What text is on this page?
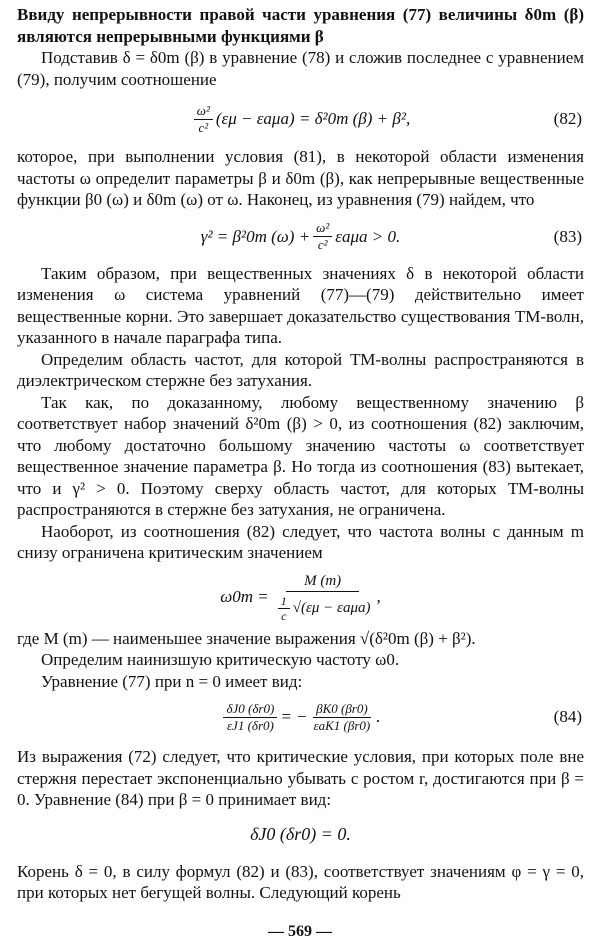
Ввиду непрерывности правой части уравнения (77) величины δ0m (β) являются непрерывными функциями β

Подставив δ = δ0m (β) в уравнение (78) и сложив последнее с уравнением (79), получим соотношение

$\frac{\text{ω²}}{\text{c²}} (\varepsilon\mu - \varepsilon a\mu a) = \delta^20m$ (β) + β²,	(82)

которое, при выполнении условия (81), в некоторой области изменения частоты ω определит параметры β и δ0m (β), как непрерывные вещественные функции β0 (ω) и δ0m (ω) от ω. Наконец, из уравнения (79) найдем, что

γ² = β²0m $(\omega) + \frac{\text{ω²}}{\text{c²}}$ εaμa > 0.	(83)

Таким образом, при вещественных значениях δ в некоторой области изменения ω система уравнений (77)—(79) действительно имеет вещественные корни. Это завершает доказательство существования ТМ-волн, указанного в начале параграфа типа.

Определим область частот, для которой ТМ-волны распространяются в диэлектрическом стержне без затухания.

Так как, по доказанному, любому вещественному значению β соответствует набор значений δ²0m (β) > 0, из соотношения (82) заключим, что любому достаточно большому значению частоты ω соответствует вещественное значение параметра β. Но тогда из соотношения (83) вытекает, что и γ² > 0. Поэтому сверху область частот, для которых ТМ-волны распространяются в стержне без затухания, не ограничена.

Наоборот, из соотношения (82) следует, что частота волны с данным m снизу ограничена критическим значением

$\omega 0m = \frac{M (m)}{\frac{1}{c} √(\varepsilon\mu - \varepsilon a\mu a)}$ ,

где M (m) — наименьшее значение выражения √(δ²0m (β) + β²).

Определим наинизшую критическую частоту ω0.

Уравнение (77) при n = 0 имеет вид:

$\frac{\delta J0 (\delta r0)}{\varepsilon J1 (\delta r0)}$ = − $\frac{\beta K0 (\beta r0)}{\text{εaK1 (βr0)}}$ .	(84)

Из выражения (72) следует, что критические условия, при которых поле вне стержня перестает экспоненциально убывать с ростом r, достигаются при β = 0. Уравнение (84) при β = 0 принимает вид:

δJ0 (δr0) = 0.

Корень δ = 0, в силу формул (82) и (83), соответствует значениям φ = γ = 0, при которых нет бегущей волны. Следующий корень

— 569 —
